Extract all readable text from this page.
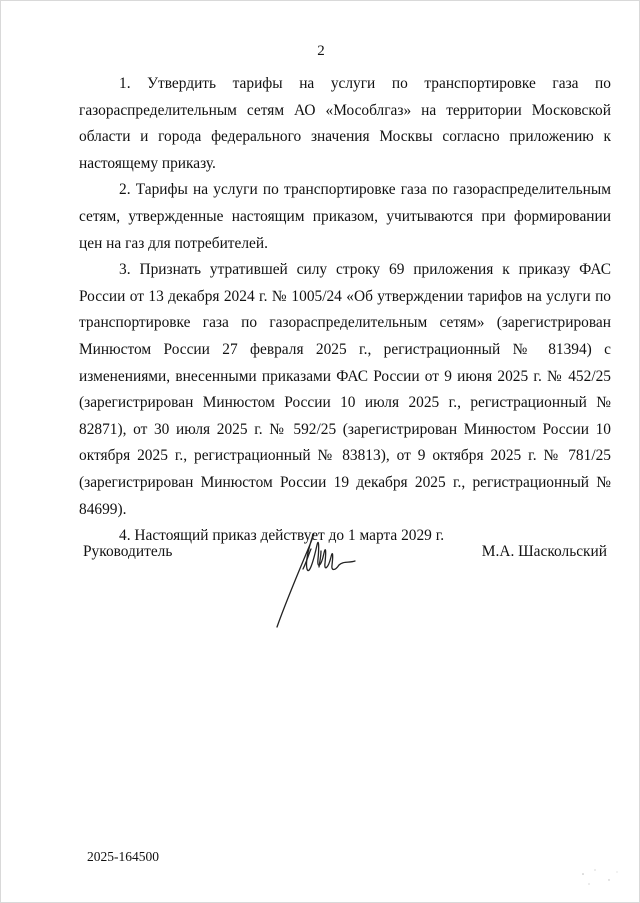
2

1. Утвердить тарифы на услуги по транспортировке газа по газораспределительным сетям АО «Мособлгаз» на территории Московской области и города федерального значения Москвы согласно приложению к настоящему приказу.

2. Тарифы на услуги по транспортировке газа по газораспределительным сетям, утвержденные настоящим приказом, учитываются при формировании цен на газ для потребителей.

3. Признать утратившей силу строку 69 приложения к приказу ФАС России от 13 декабря 2024 г. № 1005/24 «Об утверждении тарифов на услуги по транспортировке газа по газораспределительным сетям» (зарегистрирован Минюстом России 27 февраля 2025 г., регистрационный № 81394) с изменениями, внесенными приказами ФАС России от 9 июня 2025 г. № 452/25 (зарегистрирован Минюстом России 10 июля 2025 г., регистрационный № 82871), от 30 июля 2025 г. № 592/25 (зарегистрирован Минюстом России 10 октября 2025 г., регистрационный № 83813), от 9 октября 2025 г. № 781/25 (зарегистрирован Минюстом России 19 декабря 2025 г., регистрационный № 84699).

4. Настоящий приказ действует до 1 марта 2029 г.

Руководитель	М.А. Шаскольский
2025-164500
